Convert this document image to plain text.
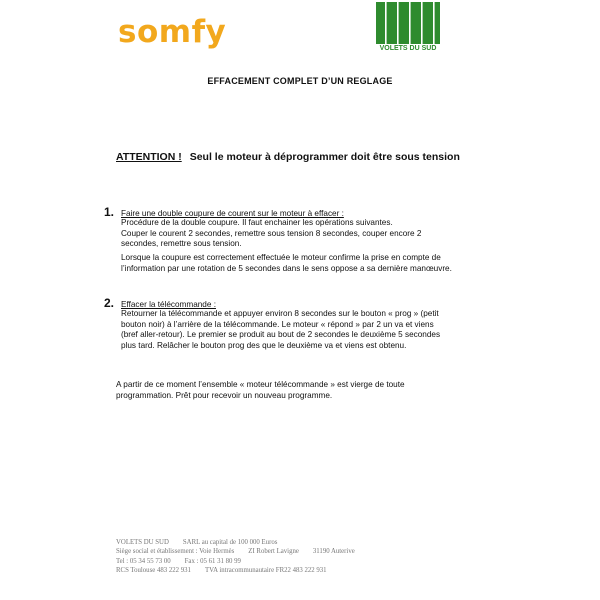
somfy	VOLETS DU SUD
EFFACEMENT COMPLET D’UN REGLAGE
ATTENTION ! Seul le moteur à déprogrammer doit être sous tension
1. Faire une double coupure de courent sur le moteur à effacer :
Procédure de la double coupure. Il faut enchainer les opérations suivantes.
Couper le courent 2 secondes, remettre sous tension 8 secondes, couper encore 2
secondes, remettre sous tension.
Lorsque la coupure est correctement effectuée le moteur confirme la prise en compte de
l’information par une rotation de 5 secondes dans le sens oppose a sa dernière manœuvre.
2. Effacer la télécommande :
Retourner la télécommande et appuyer environ 8 secondes sur le bouton « prog » (petit
bouton noir) à l’arrière de la télécommande. Le moteur « répond » par 2 un va et viens
(bref aller-retour). Le premier se produit au bout de 2 secondes le deuxième 5 secondes
plus tard. Relâcher le bouton prog des que le deuxième va et viens est obtenu.
A partir de ce moment l’ensemble « moteur télécommande » est vierge de toute
programmation. Prêt pour recevoir un nouveau programme.
VOLETS DU SUD SARL au capital de 100 000 Euros
Siège social et établissement : Voie Hermès ZI Robert Lavigne 31190 Auterive
Tel : 05 34 55 73 00 Fax : 05 61 31 80 99
RCS Toulouse 483 222 931 TVA intracommunautaire FR22 483 222 931
